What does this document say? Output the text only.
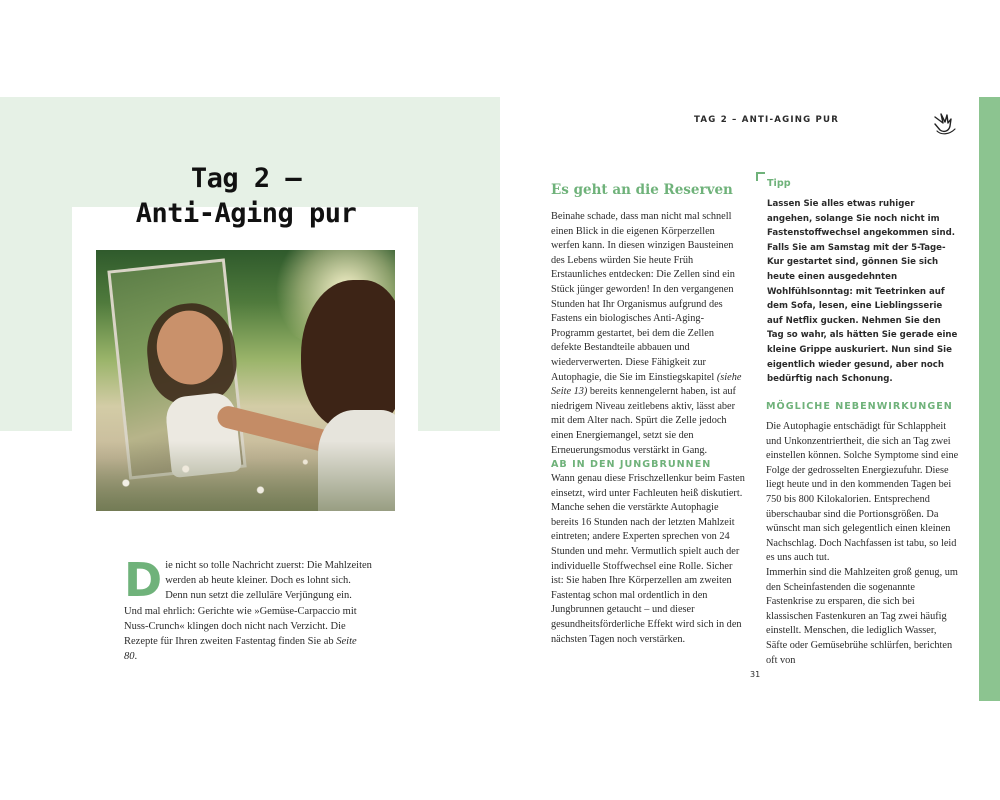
Tag 2 –
Anti-Aging pur

Die nicht so tolle Nachricht zuerst: Die Mahlzeiten werden ab heute kleiner. Doch es lohnt sich. Denn nun setzt die zelluläre Verjüngung ein. Und mal ehrlich: Gerichte wie »Gemüse-Carpaccio mit Nuss-Crunch« klingen doch nicht nach Verzicht. Die Rezepte für Ihren zweiten Fastentag finden Sie ab Seite 80.

TAG 2 – ANTI-AGING PUR
Es geht an die Reserven

Beinahe schade, dass man nicht mal schnell einen Blick in die eigenen Körperzellen werfen kann. In diesen winzigen Bausteinen des Lebens würden Sie heute Früh Erstaunliches entdecken: Die Zellen sind ein Stück jünger geworden! In den vergangenen Stunden hat Ihr Organismus aufgrund des Fastens ein biologisches Anti-Aging-Programm gestartet, bei dem die Zellen defekte Bestandteile abbauen und wiederverwerten. Diese Fähigkeit zur Autophagie, die Sie im Einstiegskapitel (siehe Seite 13) bereits kennengelernt haben, ist auf niedrigem Niveau zeitlebens aktiv, lässt aber mit dem Alter nach. Spürt die Zelle jedoch einen Energiemangel, setzt sie den Erneuerungsmodus verstärkt in Gang.

AB IN DEN JUNGBRUNNEN

Wann genau diese Frischzellenkur beim Fasten einsetzt, wird unter Fachleuten heiß diskutiert. Manche sehen die verstärkte Autophagie bereits 16 Stunden nach der letzten Mahlzeit eintreten; andere Experten sprechen von 24 Stunden und mehr. Vermutlich spielt auch der individuelle Stoffwechsel eine Rolle. Sicher ist: Sie haben Ihre Körperzellen am zweiten Fastentag schon mal ordentlich in den Jungbrunnen getaucht – und dieser gesundheitsförderliche Effekt wird sich in den nächsten Tagen noch verstärken.

Tipp

Lassen Sie alles etwas ruhiger angehen, solange Sie noch nicht im Fastenstoffwechsel angekommen sind. Falls Sie am Samstag mit der 5-Tage-Kur gestartet sind, gönnen Sie sich heute einen ausgedehnten Wohlfühlsonntag: mit Teetrinken auf dem Sofa, lesen, eine Lieblingsserie auf Netflix gucken. Nehmen Sie den Tag so wahr, als hätten Sie gerade eine kleine Grippe auskuriert. Nun sind Sie eigentlich wieder gesund, aber noch bedürftig nach Schonung.

MÖGLICHE NEBENWIRKUNGEN

Die Autophagie entschädigt für Schlappheit und Unkonzentriertheit, die sich an Tag zwei einstellen können. Solche Symptome sind eine Folge der gedrosselten Energiezufuhr. Diese liegt heute und in den kommenden Tagen bei 750 bis 800 Kilokalorien. Entsprechend überschaubar sind die Portionsgrößen. Da wünscht man sich gelegentlich einen kleinen Nachschlag. Doch Nachfassen ist tabu, so leid es uns auch tut.

Immerhin sind die Mahlzeiten groß genug, um den Scheinfastenden die sogenannte Fastenkrise zu ersparen, die sich bei klassischen Fastenkuren an Tag zwei häufig einstellt. Menschen, die lediglich Wasser, Säfte oder Gemüsebrühe schlürfen, berichten oft von

31
